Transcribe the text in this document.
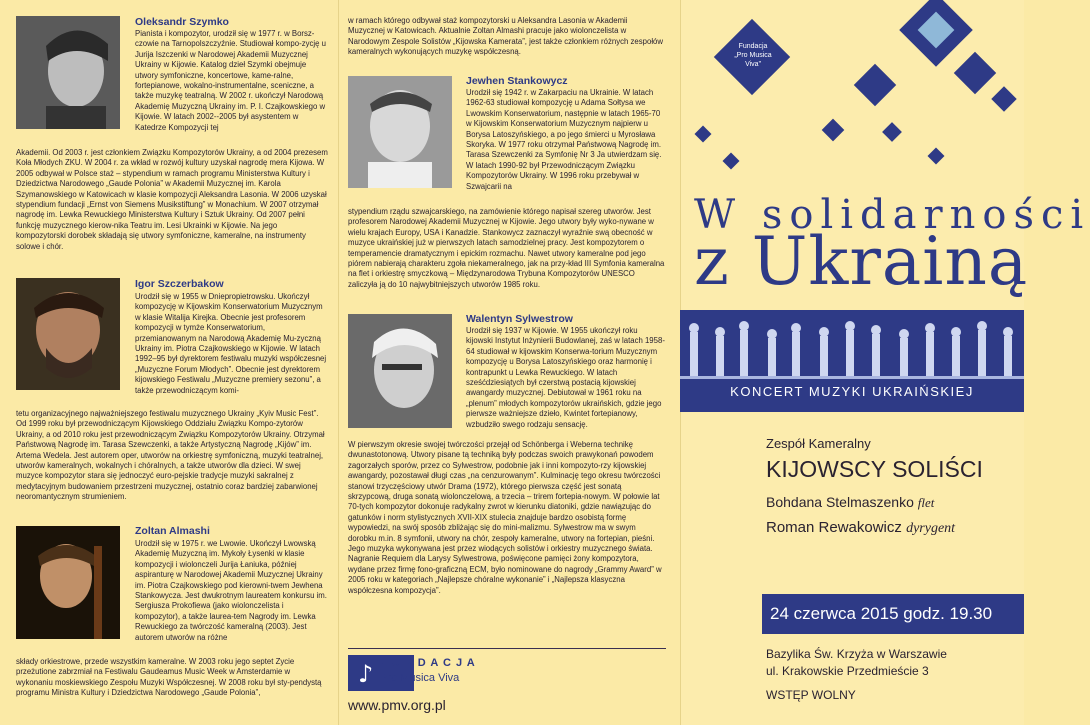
Oleksandr Szymko
Pianista i kompozytor, urodził się w 1977 r. w Borsz-czowie na Tarnopolszczyźnie. Studiował kompo-zycję u Jurija Iszczenki w Narodowej Akademii Muzycznej Ukrainy w Kijowie. Katalog dzieł Szymki obejmuje utwory symfoniczne, koncertowe, kame-ralne, fortepianowe, wokalno-instrumentalne, sceniczne, a także muzykę teatralną. W 2002 r. ukończył Narodową Akademię Muzyczną Ukrainy im. P. I. Czajkowskiego w Kijowie. W latach 2002--2005 był asystentem w Katedrze Kompozycji tej
Akademii. Od 2003 r. jest członkiem Związku Kompozytorów Ukrainy, a od 2004 prezesem Koła Młodych ZKU. W 2004 r. za wkład w rozwój kultury uzyskał nagrodę mera Kijowa. W 2005 odbywał w Polsce staż – stypendium w ramach programu Ministerstwa Kultury i Dziedzictwa Narodowego „Gaude Polonia” w Akademii Muzycznej im. Karola Szymanowskiego w Katowicach w klasie kompozycji Aleksandra Lasonia. W 2006 uzyskał stypendium fundacji „Ernst von Siemens Musikstiftung” w Monachium. W 2007 otrzymał nagrodę im. Lewka Rewuckiego Ministerstwa Kultury i Sztuk Ukrainy. Od 2007 pełni funkcję muzycznego kierow-nika Teatru im. Lesi Ukrainki w Kijowie. Na jego kompozytorski dorobek składają się utwory symfoniczne, kameralne, na instrumenty solowe i chór.
Igor Szczerbakow
Urodził się w 1955 w Dniepropietrowsku. Ukończył kompozycję w Kijowskim Konserwatorium Muzycznym w klasie Witalija Kirejka. Obecnie jest profesorem kompozycji w tymże Konserwatorium, przemianowanym na Narodową Akademię Mu-zyczną Ukrainy im. Piotra Czajkowskiego w Kijowie. W latach 1992–95 był dyrektorem festiwalu muzyki współczesnej „Muzyczne Forum Młodych”. Obecnie jest dyrektorem kijowskiego Festiwalu „Muzyczne premiery sezonu”, a także przewodniczącym komi-
tetu organizacyjnego najważniejszego festiwalu muzycznego Ukrainy „Kyiv Music Fest”. Od 1999 roku był przewodniczącym Kijowskiego Oddziału Związku Kompo-zytorów Ukrainy, a od 2010 roku jest przewodniczącym Związku Kompozytorów Ukrainy. Otrzymał Państwową Nagrodę im. Tarasa Szewczenki, a także Artystyczną Nagrodę „Kijów” im. Artema Wedela. Jest autorem oper, utworów na orkiestrę symfoniczną, muzyki teatralnej, utworów kameralnych, wokalnych i chóralnych, a także utworów dla dzieci. W swej muzyce kompozytor stara się jednoczyć euro-pejskie tradycje muzyki sakralnej z medytacyjnym budowaniem przestrzeni muzycznej, ostatnio coraz bardziej zabarwionej neoromantycznym strumieniem.
Zoltan Almashi
Urodził się w 1975 r. we Lwowie. Ukończył Lwowską Akademię Muzyczną im. Mykoły Łysenki w klasie kompozycji i wiolonczeli Jurija Łaniuka, później aspiranturę w Narodowej Akademii Muzycznej Ukrainy im. Piotra Czajkowskiego pod kierowni-twem Jewhena Stankowycza. Jest dwukrotnym laureatem konkursu im. Sergiusza Prokofiewa (jako wiolonczelista i kompozytor), a także laurea-tem Nagrody im. Lewka Rewuckiego za twórczość kameralną (2003). Jest autorem utworów na różne
składy orkiestrowe, przede wszystkim kameralne. W 2003 roku jego septet Zycie przeżutione zabrzmiał na Festiwalu Gaudeamus Music Week w Amsterdamie w wykonaniu moskiewskiego Zespołu Muzyki Współczesnej. W 2008 roku był sty-pendystą programu Ministra Kultury i Dziedzictwa Narodowego „Gaude Polonia”,
w ramach którego odbywał staż kompozytorski u Aleksandra Lasonia w Akademii Muzycznej w Katowicach. Aktualnie Zoltan Almashi pracuje jako wiolonczelista w Narodowym Zespole Solistów „Kijowska Kamerata”, jest także członkiem różnych zespołów kameralnych wykonujących muzykę współczesną.
Jewhen Stankowycz
Urodził się 1942 r. w Zakarpaciu na Ukrainie. W latach 1962-63 studiował kompozycję u Adama Sołtysa we Lwowskim Konserwatorium, następnie w latach 1965-70 w Kijowskim Konserwatorium Muzycznym najpierw u Borysa Latoszyńskiego, a po jego śmierci u Myrosława Skoryka. W 1977 roku otrzymał Państwową Nagrodę im. Tarasa Szewczenki za Symfonię Nr 3 Ja utwierdzam się. W latach 1990-92 był Przewodniczącym Związku Kompozytorów Ukrainy. W 1996 roku przebywał w Szwajcarii na
stypendium rządu szwajcarskiego, na zamówienie którego napisał szereg utworów. Jest profesorem Narodowej Akademii Muzycznej w Kijowie. Jego utwory były wyko-nywane w wielu krajach Europy, USA i Kanadzie. Stankowycz zaznaczył wyraźnie swą obecność w muzyce ukraińskiej już w pierwszych latach samodzielnej pracy. Jest kompozytorem o temperamencie dramatycznym i epickim rozmachu. Nawet utwory kameralne pod jego piórem nabierają charakteru zgoła niekameralnego, jak na przy-kład III Symfonia kameralna na flet i orkiestrę smyczkową – Międzynarodowa Trybuna Kompozytorów UNESCO zaliczyła ją do 10 najwybitniejszych utworów 1985 roku.
Walentyn Sylwestrow
Urodził się 1937 w Kijowie. W 1955 ukończył roku kijowski Instytut Inżynierii Budowlanej, zaś w latach 1958-64 studiował w kijowskim Konserwa-torium Muzycznym kompozycję u Borysa Latoszyńskiego oraz harmonię i kontrapunkt u Lewka Rewuckiego. W latach sześćdziesiątych był czerstwą postacią kijowskiej awangardy muzycznej. Debiutował w 1961 roku na „plenum” młodych kompozytorów ukraińskich, gdzie jego pierwsze ważniejsze dzieło, Kwintet fortepianowy, wzbudziło swego rodzaju sensację.
W pierwszym okresie swojej twórczości przejął od Schönberga i Weberna technikę dwunastotonową. Utwory pisane tą techniką były podczas swoich prawykonań powodem zagorzałych sporów, przez co Sylwestrow, podobnie jak i inni kompozyto-rzy kijowskiej awangardy, pozostawał długi czas „na cenzurowanym”. Kulminację tego okresu twórczości stanowi trzyczęściowy utwór Drama (1972), którego pierwsza część jest sonatą skrzypcową, druga sonatą wiolonczelową, a trzecia – trirem fortepia-nowym. W połowie lat 70-tych kompozytor dokonuje radykalny zwrot w kierunku diatoniki, gdzie nawiązując do gatunków i norm stylistycznych XVII-XIX stulecia znajduje bardzo osobistą formę wypowiedzi, na swój sposób zbliżając się do mini-malizmu. Sylwestrow ma w swym dorobku m.in. 8 symfonii, utwory na chór, zespoły kameralne, utwory na fortepian, pieśni. Jego muzyka wykonywana jest przez wiodących solistów i orkiestry muzycznego świata. Nagranie Requiem dla Larysy Sylwestrowa, poświęcone pamięci żony kompozytora, wydane przez firmę fono-graficzną ECM, było nominowane do nagrody „Grammy Award” w 2005 roku w kategoriach „Najlepsze chóralne wykonanie” i „Najlepsza klasyczna współczesna kompozycja”.
♪ F U N D A C J A
Pro Musica Viva
www.pmv.org.pl
Fundacja
„Pro Musica
Viva”
W solidarności
z Ukrainą
KONCERT MUZYKI UKRAIŃSKIEJ
Zespół Kameralny
KIJOWSCY SOLIŚCI
Bohdana Stelmaszenko flet
Roman Rewakowicz dyrygent
24 czerwca 2015 godz. 19.30
Bazylika Św. Krzyża w Warszawie
ul. Krakowskie Przedmieście 3
WSTĘP WOLNY
